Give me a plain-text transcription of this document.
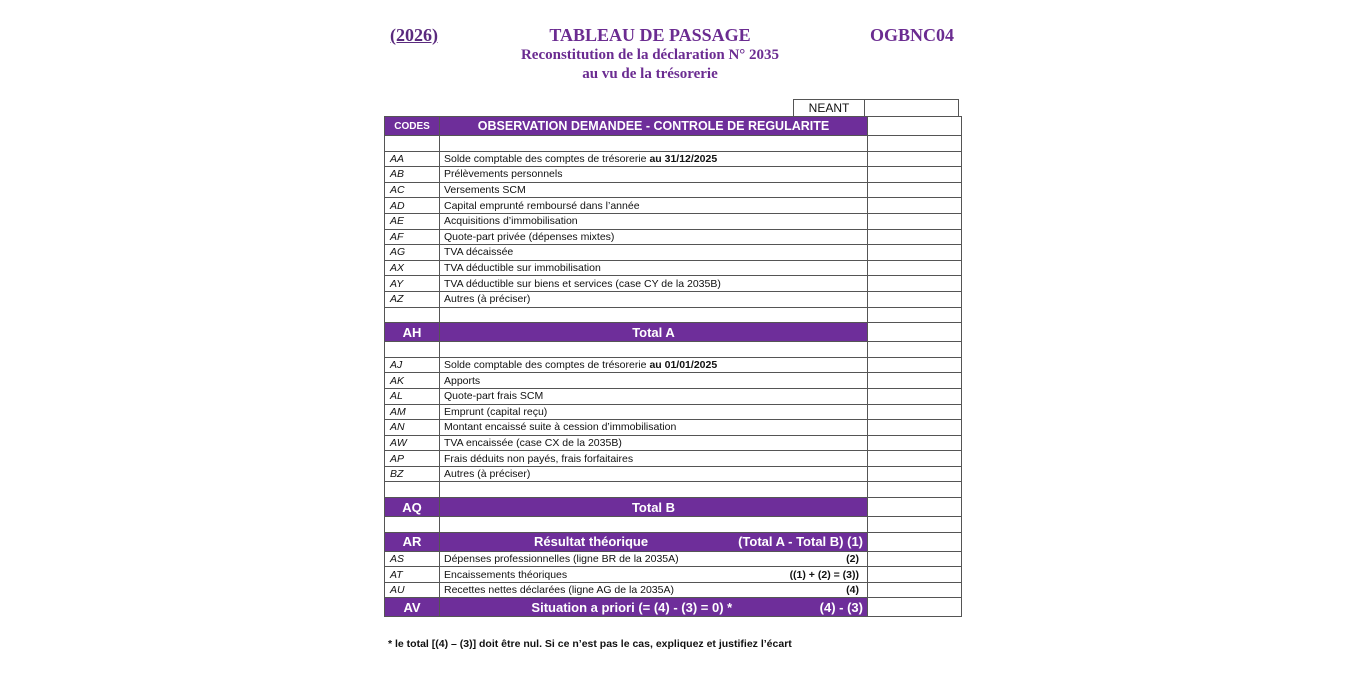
(2026)	TABLEAU DE PASSAGE
Reconstitution de la déclaration N° 2035
au vu de la trésorerie
OGBNC04
NEANT
CODES	OBSERVATION DEMANDEE - CONTROLE DE REGULARITE	

AA	Solde comptable des comptes de trésorerie au 31/12/2025	
AB	Prélèvements personnels	
AC	Versements SCM	
AD	Capital emprunté remboursé dans l’année	
AE	Acquisitions d’immobilisation	
AF	Quote-part privée (dépenses mixtes)	
AG	TVA décaissée	
AX	TVA déductible sur immobilisation	
AY	TVA déductible sur biens et services (case CY de la 2035B)	
AZ	Autres (à préciser)	

AH	Total A	

AJ	Solde comptable des comptes de trésorerie au 01/01/2025	
AK	Apports	
AL	Quote-part frais SCM	
AM	Emprunt (capital reçu)	
AN	Montant encaissé suite à cession d’immobilisation	
AW	TVA encaissée (case CX de la 2035B)	
AP	Frais déduits non payés, frais forfaitaires	
BZ	Autres (à préciser)	

AQ	Total B	

AR	Résultat théorique (Total A - Total B) (1)	

AS	Dépenses professionnelles (ligne BR de la 2035A) (2)	

AT	Encaissements théoriques ((1) + (2) = (3))	

AU	Recettes nettes déclarées (ligne AG de la 2035A) (4)	

AV	Situation a priori (= (4) - (3) = 0) * (4) - (3)	

* le total [(4) – (3)] doit être nul. Si ce n’est pas le cas, expliquez et justifiez l’écart
